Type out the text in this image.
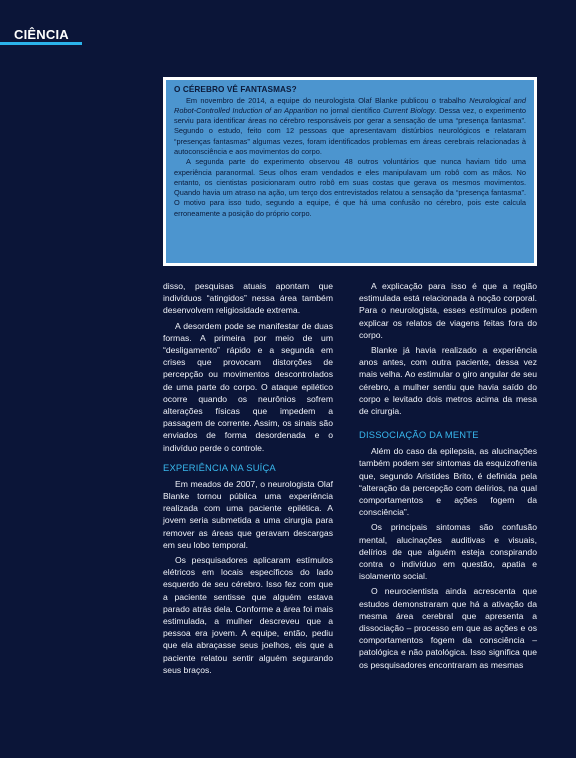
CIÊNCIA
O CÉREBRO VÊ FANTASMAS?

Em novembro de 2014, a equipe do neurologista Olaf Blanke publicou o trabalho Neurological and Robot-Controlled Induction of an Apparition no jornal científico Current Biology. Dessa vez, o experimento serviu para identificar áreas no cérebro responsáveis por gerar a sensação de uma “presença fantasma”. Segundo o estudo, feito com 12 pessoas que apresentavam distúrbios neurológicos e relataram “presenças fantasmas” algumas vezes, foram identificados problemas em áreas cerebrais relacionadas à autoconsciência e aos movimentos do corpo.

A segunda parte do experimento observou 48 outros voluntários que nunca haviam tido uma experiência paranormal. Seus olhos eram vendados e eles manipulavam um robô com as mãos. No entanto, os cientistas posicionaram outro robô em suas costas que gerava os mesmos movimentos. Quando havia um atraso na ação, um terço dos entrevistados relatou a sensação da “presença fantasma”. O motivo para isso tudo, segundo a equipe, é que há uma confusão no cérebro, pois este calcula erroneamente a posição do próprio corpo.

disso, pesquisas atuais apontam que indivíduos “atingidos” nessa área também desenvolvem religiosidade extrema.

A desordem pode se manifestar de duas formas. A primeira por meio de um “desligamento” rápido e a segunda em crises que provocam distorções de percepção ou movimentos descontrolados de uma parte do corpo. O ataque epilético ocorre quando os neurônios sofrem alterações físicas que impedem a passagem de corrente. Assim, os sinais são enviados de forma desordenada e o indivíduo perde o controle.

EXPERIÊNCIA NA SUÍÇA

Em meados de 2007, o neurologista Olaf Blanke tornou pública uma experiência realizada com uma paciente epilética. A jovem seria submetida a uma cirurgia para remover as áreas que geravam descargas em seu lobo temporal.

Os pesquisadores aplicaram estímulos elétricos em locais específicos do lado esquerdo de seu cérebro. Isso fez com que a paciente sentisse que alguém estava parado atrás dela. Conforme a área foi mais estimulada, a mulher descreveu que a pessoa era jovem. A equipe, então, pediu que ela abraçasse seus joelhos, eis que a paciente relatou sentir alguém segurando seus braços.

A explicação para isso é que a região estimulada está relacionada à noção corporal. Para o neurologista, esses estímulos podem explicar os relatos de viagens feitas fora do corpo.

Blanke já havia realizado a experiência anos antes, com outra paciente, dessa vez mais velha. Ao estimular o giro angular de seu cérebro, a mulher sentiu que havia saído do corpo e levitado dois metros acima da mesa de cirurgia.

DISSOCIAÇÃO DA MENTE

Além do caso da epilepsia, as alucinações também podem ser sintomas da esquizofrenia que, segundo Aristides Brito, é definida pela “alteração da percepção com delírios, na qual comportamentos e ações fogem da consciência”.

Os principais sintomas são confusão mental, alucinações auditivas e visuais, delírios de que alguém esteja conspirando contra o indivíduo em questão, apatia e isolamento social.

O neurocientista ainda acrescenta que estudos demonstraram que há a ativação da mesma área cerebral que apresenta a dissociação – processo em que as ações e os comportamentos fogem da consciência – patológica e não patológica. Isso significa que os pesquisadores encontraram as mesmas
